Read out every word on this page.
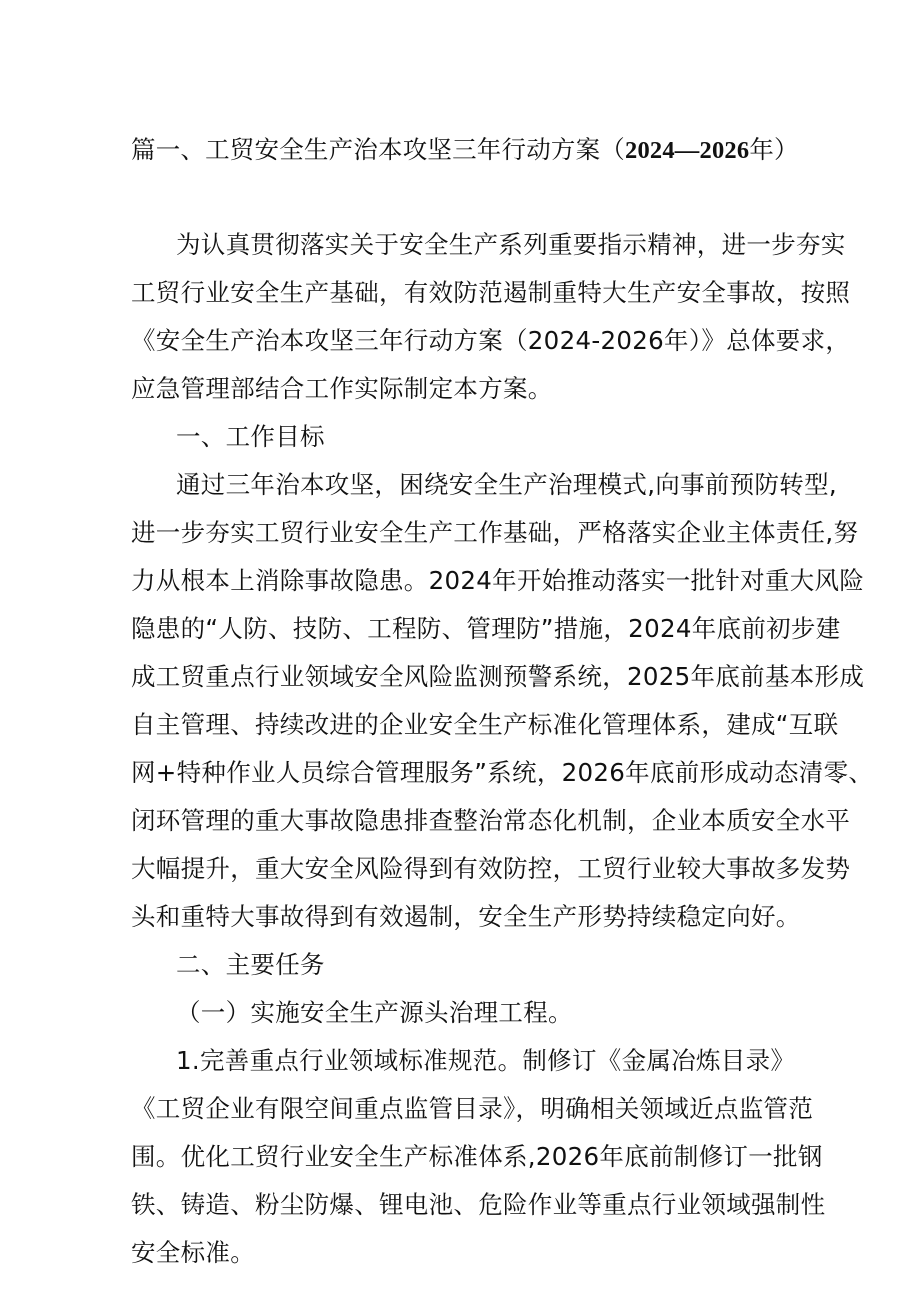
篇一、工贸安全生产治本攻坚三年行动方案（2024—2026年）
为认真贯彻落实关于安全生产系列重要指示精神，进一步夯实
工贸行业安全生产基础，有效防范遏制重特大生产安全事故，按照
《安全生产治本攻坚三年行动方案（2024-2026年）》总体要求，
应急管理部结合工作实际制定本方案。
一、工作目标
通过三年治本攻坚，困绕安全生产治理模式,向事前预防转型,
进一步夯实工贸行业安全生产工作基础，严格落实企业主体责任,努
力从根本上消除事故隐患。2024年开始推动落实一批针对重大风险
隐患的“人防、技防、工程防、管理防”措施，2024年底前初步建
成工贸重点行业领域安全风险监测预警系统，2025年底前基本形成
自主管理、持续改进的企业安全生产标准化管理体系，建成“互联
网+特种作业人员综合管理服务”系统，2026年底前形成动态清零、
闭环管理的重大事故隐患排查整治常态化机制，企业本质安全水平
大幅提升，重大安全风险得到有效防控，工贸行业较大事故多发势
头和重特大事故得到有效遏制，安全生产形势持续稳定向好。
二、主要任务
（一）实施安全生产源头治理工程。
1.完善重点行业领域标准规范。制修订《金属冶炼目录》
《工贸企业有限空间重点监管目录》，明确相关领域近点监管范
围。优化工贸行业安全生产标准体系,2026年底前制修订一批钢
铁、铸造、粉尘防爆、锂电池、危险作业等重点行业领域强制性
安全标准。
